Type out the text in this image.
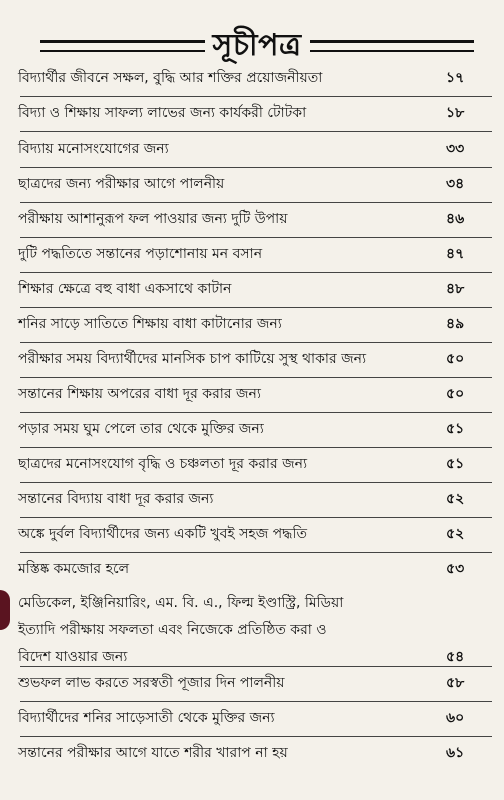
সূচীপত্র
বিদ্যার্থীর জীবনে সক্ষল, বুদ্ধি আর শক্তির প্রয়োজনীয়তা	১৭
বিদ্যা ও শিক্ষায় সাফল্য লাভের জন্য কার্যকরী টোটকা	১৮
বিদ্যায় মনোসংযোগের জন্য	৩৩
ছাত্রদের জন্য পরীক্ষার আগে পালনীয়	৩৪
পরীক্ষায় আশানুরূপ ফল পাওয়ার জন্য দুটি উপায়	৪৬
দুটি পদ্ধতিতে সন্তানের পড়াশোনায় মন বসান	৪৭
শিক্ষার ক্ষেত্রে বহু বাধা একসাথে কাটান	৪৮
শনির সাড়ে সাতিতে শিক্ষায় বাধা কাটানোর জন্য	৪৯
পরীক্ষার সময় বিদ্যার্থীদের মানসিক চাপ কাটিয়ে সুস্থ থাকার জন্য	৫০
সন্তানের শিক্ষায় অপরের বাধা দূর করার জন্য	৫০
পড়ার সময় ঘুম পেলে তার থেকে মুক্তির জন্য	৫১
ছাত্রদের মনোসংযোগ বৃদ্ধি ও চঞ্চলতা দূর করার জন্য	৫১
সন্তানের বিদ্যায় বাধা দূর করার জন্য	৫২
অঙ্কে দুর্বল বিদ্যার্থীদের জন্য একটি খুবই সহজ পদ্ধতি	৫২
মস্তিষ্ক কমজোর হলে	৫৩
মেডিকেল, ইঞ্জিনিয়ারিং, এম. বি. এ., ফিল্ম ইণ্ডাস্ট্রি, মিডিয়া
ইত্যাদি পরীক্ষায় সফলতা এবং নিজেকে প্রতিষ্ঠিত করা ও
বিদেশ যাওয়ার জন্য	৫৪
শুভফল লাভ করতে সরস্বতী পূজার দিন পালনীয়	৫৮
বিদ্যার্থীদের শনির সাড়েসাতী থেকে মুক্তির জন্য	৬০
সন্তানের পরীক্ষার আগে যাতে শরীর খারাপ না হয়	৬১
